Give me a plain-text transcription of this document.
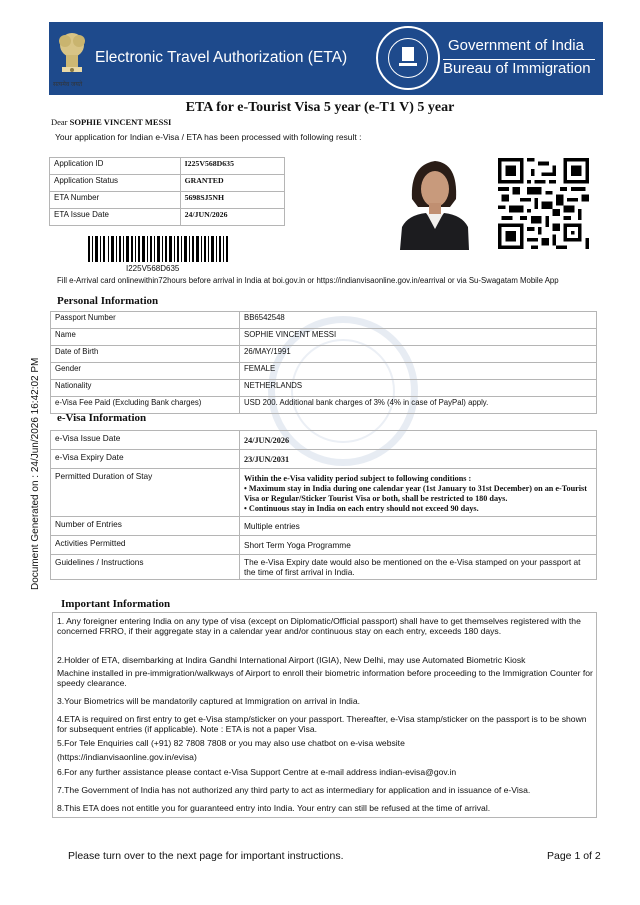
Electronic Travel Authorization (ETA)
Government of India
Bureau of Immigration
सत्यमेव जयते
ETA for e-Tourist Visa 5 year (e-T1 V) 5 year
Dear SOPHIE VINCENT MESSI
Your application for Indian e-Visa / ETA has been processed with following result :
Application ID	I225V568D635
Application Status	GRANTED
ETA Number	5698SJ5NH
ETA Issue Date	24/JUN/2026
I225V568D635
Fill e-Arrival card onlinewithin72hours before arrival in India at boi.gov.in or https://indianvisaonline.gov.in/earrival or via Su-Swagatam Mobile App
Personal Information
Passport Number	BB6542548
Name	SOPHIE VINCENT MESSI
Date of Birth	26/MAY/1991
Gender	FEMALE
Nationality	NETHERLANDS
e-Visa Fee Paid (Excluding Bank charges)	USD 200. Additional bank charges of 3% (4% in case of PayPal) apply.
e-Visa Information
e-Visa Issue Date	24/JUN/2026
e-Visa Expiry Date	23/JUN/2031
Permitted Duration of Stay	Within the e-Visa validity period subject to following conditions :
• Maximum stay in India during one calendar year (1st January to 31st December) on an e-Tourist Visa or Regular/Sticker Tourist Visa or both, shall be restricted to 180 days.
• Continuous stay in India on each entry should not exceed 90 days.

Number of Entries	Multiple entries
Activities Permitted	Short Term Yoga Programme
Guidelines / Instructions	The e-Visa Expiry date would also be mentioned on the e-Visa stamped on your passport at the time of first arrival in India.
Important Information
1. Any foreigner entering India on any type of visa (except on Diplomatic/Official passport) shall have to get themselves registered with the concerned FRRO, if their aggregate stay in a calendar year and/or continuous stay on each entry, exceeds 180 days.
2.Holder of ETA, disembarking at Indira Gandhi International Airport (IGIA), New Delhi, may use Automated Biometric Kiosk
Machine installed in pre-immigration/walkways of Airport to enroll their biometric information before proceeding to the Immigration Counter for speedy clearance.
3.Your Biometrics will be mandatorily captured at Immigration on arrival in India.
4.ETA is required on first entry to get e-Visa stamp/sticker on your passport. Thereafter, e-Visa stamp/sticker on the passport is to be shown for subsequent entries (if applicable). Note : ETA is not a paper Visa.
5.For Tele Enquiries call (+91) 82 7808 7808 or you may also use chatbot on e-visa website
(https://indianvisaonline.gov.in/evisa)
6.For any further assistance please contact e-Visa Support Centre at e-mail address indian-evisa@gov.in
7.The Government of India has not authorized any third party to act as intermediary for application and in issuance of e-Visa.
8.This ETA does not entitle you for guaranteed entry into India. Your entry can still be refused at the time of arrival.
Please turn over to the next page for important instructions.	Page 1 of 2
Document Generated on : 24/Jun/2026 16:42:02 PM
